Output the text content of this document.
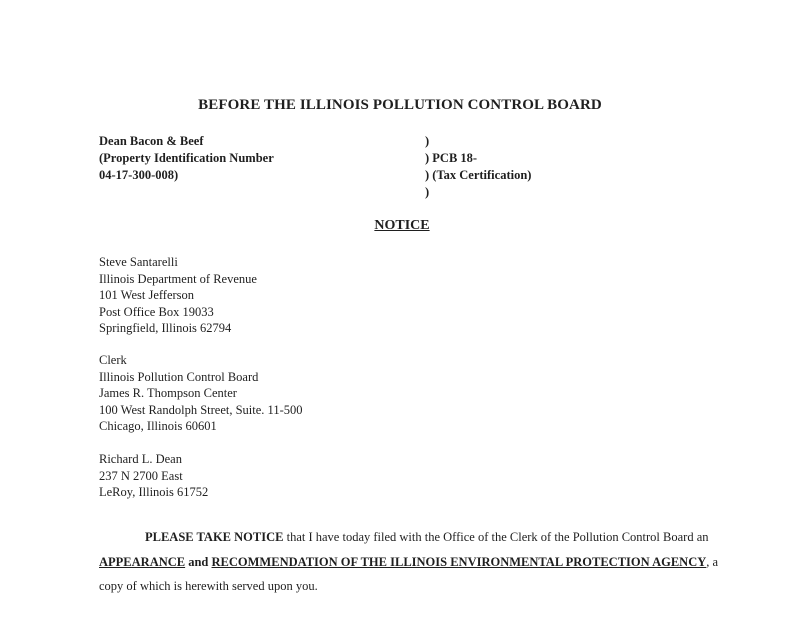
BEFORE THE ILLINOIS POLLUTION CONTROL BOARD
Dean Bacon & Beef
(Property Identification Number
04-17-300-008)
)
) PCB 18-
) (Tax Certification)
)
NOTICE
Steve Santarelli
Illinois Department of Revenue
101 West Jefferson
Post Office Box 19033
Springfield, Illinois 62794
Clerk
Illinois Pollution Control Board
James R. Thompson Center
100 West Randolph Street, Suite. 11-500
Chicago, Illinois 60601
Richard L. Dean
237 N 2700 East
LeRoy, Illinois 61752
PLEASE TAKE NOTICE that I have today filed with the Office of the Clerk of the Pollution Control Board an APPEARANCE and RECOMMENDATION OF THE ILLINOIS ENVIRONMENTAL PROTECTION AGENCY, a copy of which is herewith served upon you.
